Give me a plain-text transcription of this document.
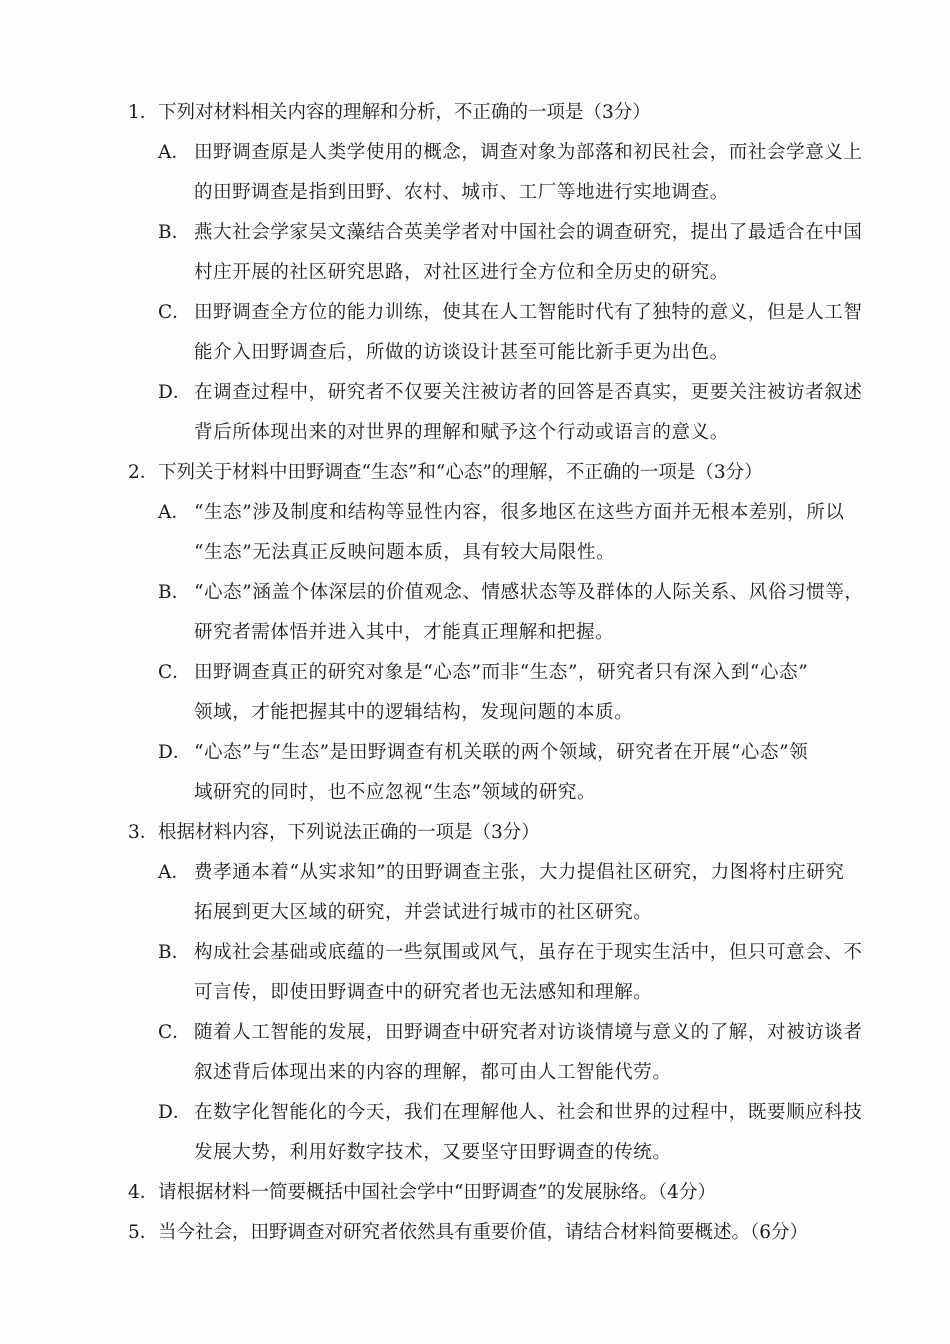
1．下列对材料相关内容的理解和分析，不正确的一项是（3分）
A． 田野调查原是人类学使用的概念，调查对象为部落和初民社会，而社会学意义上
的田野调查是指到田野、农村、城市、工厂等地进行实地调查。
B． 燕大社会学家吴文藻结合英美学者对中国社会的调查研究，提出了最适合在中国
村庄开展的社区研究思路，对社区进行全方位和全历史的研究。
C． 田野调查全方位的能力训练，使其在人工智能时代有了独特的意义，但是人工智
能介入田野调查后，所做的访谈设计甚至可能比新手更为出色。
D． 在调查过程中，研究者不仅要关注被访者的回答是否真实，更要关注被访者叙述
背后所体现出来的对世界的理解和赋予这个行动或语言的意义。
2．下列关于材料中田野调查“生态”和“心态”的理解，不正确的一项是（3分）
A． “生态”涉及制度和结构等显性内容，很多地区在这些方面并无根本差别，所以
“生态”无法真正反映问题本质，具有较大局限性。
B． “心态”涵盖个体深层的价值观念、情感状态等及群体的人际关系、风俗习惯等，
研究者需体悟并进入其中，才能真正理解和把握。
C． 田野调查真正的研究对象是“心态”而非“生态”，研究者只有深入到“心态”
领域，才能把握其中的逻辑结构，发现问题的本质。
D． “心态”与“生态”是田野调查有机关联的两个领域，研究者在开展“心态”领
域研究的同时，也不应忽视“生态”领域的研究。
3．根据材料内容，下列说法正确的一项是（3分）
A． 费孝通本着“从实求知”的田野调查主张，大力提倡社区研究，力图将村庄研究
拓展到更大区域的研究，并尝试进行城市的社区研究。
B． 构成社会基础或底蕴的一些氛围或风气，虽存在于现实生活中，但只可意会、不
可言传，即使田野调查中的研究者也无法感知和理解。
C． 随着人工智能的发展，田野调查中研究者对访谈情境与意义的了解，对被访谈者
叙述背后体现出来的内容的理解，都可由人工智能代劳。
D． 在数字化智能化的今天，我们在理解他人、社会和世界的过程中，既要顺应科技
发展大势，利用好数字技术，又要坚守田野调查的传统。
4．请根据材料一简要概括中国社会学中“田野调查”的发展脉络。（4分）
5．当今社会，田野调查对研究者依然具有重要价值，请结合材料简要概述。（6分）
